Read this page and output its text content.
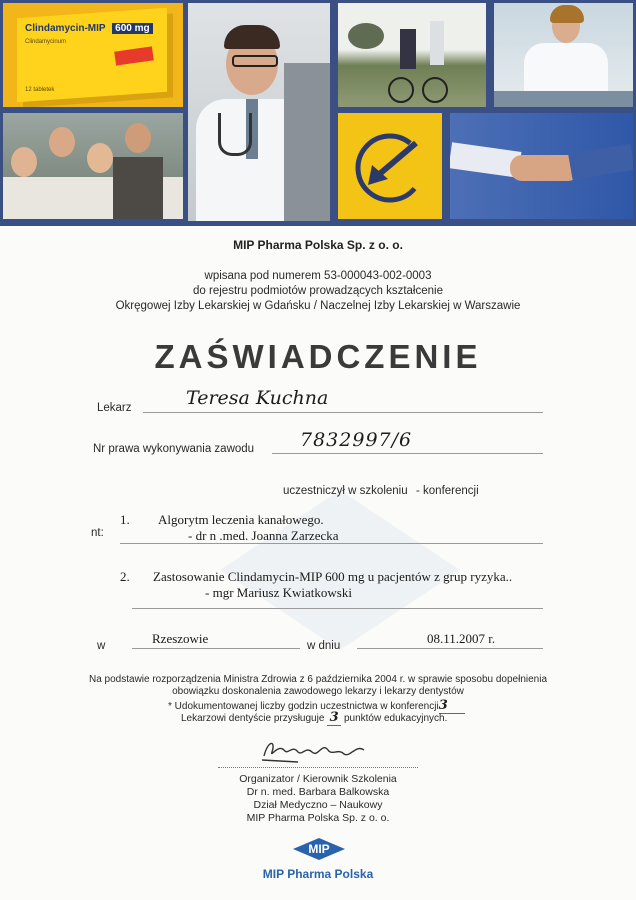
Clindamycin-MIP 600 mg
Clindamycinum
12 tabletek
MIP Pharma Polska Sp. z o. o.
wpisana pod numerem 53-000043-002-0003
do rejestru podmiotów prowadzących kształcenie
Okręgowej Izby Lekarskiej w Gdańsku / Naczelnej Izby Lekarskiej w Warszawie
ZAŚWIADCZENIE
Lekarz	Teresa Kuchna
Nr prawa wykonywania zawodu 7832997/6
uczestniczył w szkoleniu - konferencji
nt:
1. Algorytm leczenia kanałowego.
- dr n .med. Joanna Zarzecka
2. Zastosowanie Clindamycin-MIP 600 mg u pacjentów z grup ryzyka..
- mgr Mariusz Kwiatkowski
w	Rzeszowie	w dniu	08.11.2007 r.
Na podstawie rozporządzenia Ministra Zdrowia z 6 października 2004 r. w sprawie sposobu dopełnienia
obowiązku doskonalenia zawodowego lekarzy i lekarzy dentystów
* Udokumentowanej liczby godzin uczestnictwa w konferencji3
Lekarzowi dentyście przysługuje 3 punktów edukacyjnych.
Organizator / Kierownik Szkolenia
Dr n. med. Barbara Balkowska
Dział Medyczno – Naukowy
MIP Pharma Polska Sp. z o. o.
MIP
MIP Pharma Polska
